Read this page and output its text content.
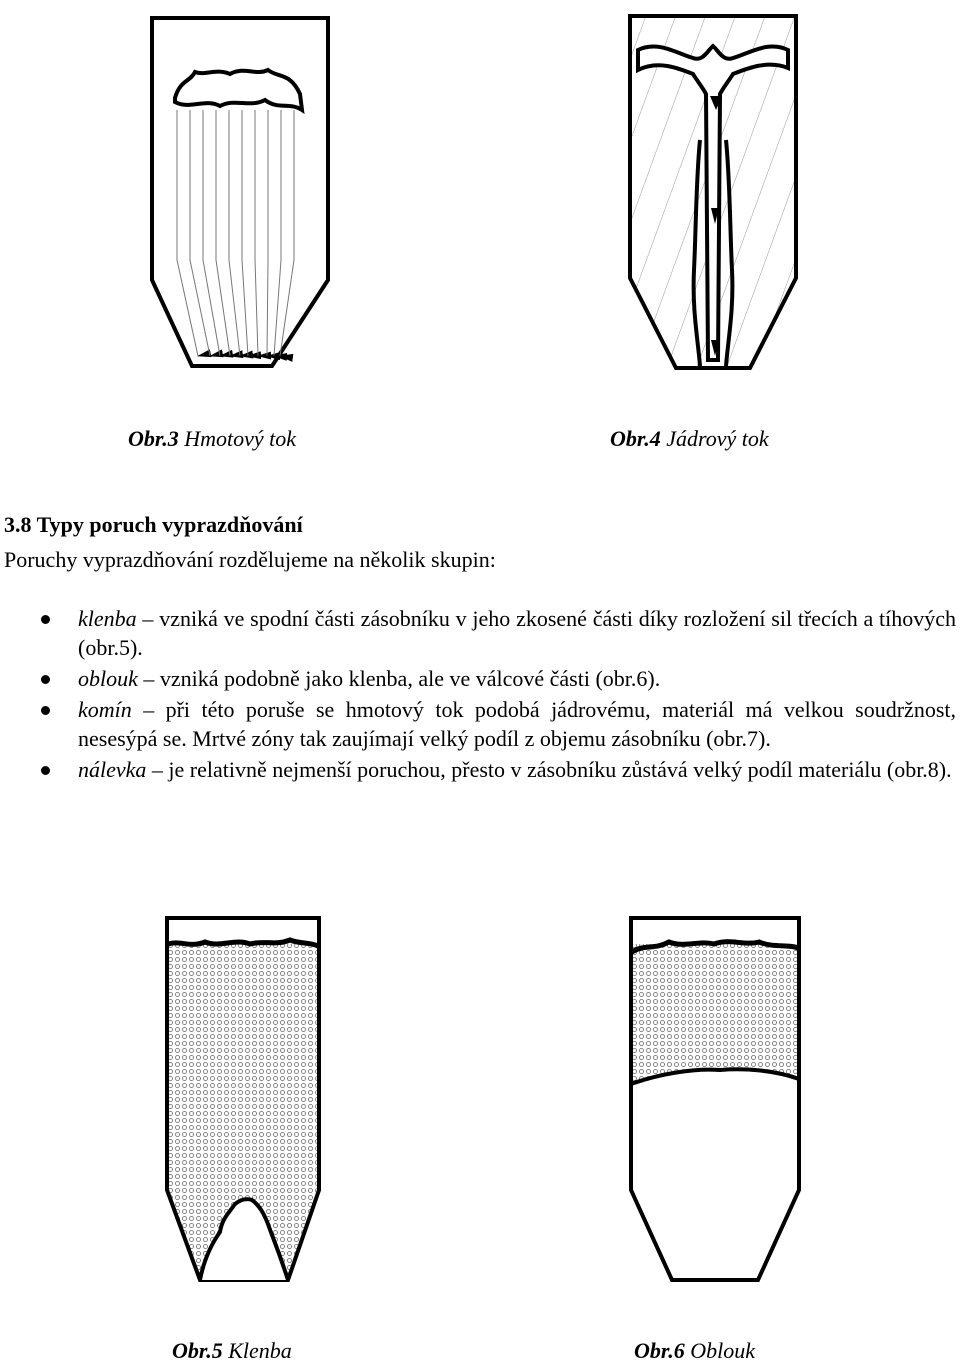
Obr.3 Hmotový tok	Obr.4 Jádrový tok
3.8 Typy poruch vyprazdňování
Poruchy vyprazdňování rozdělujeme na několik skupin:
klenba – vzniká ve spodní části zásobníku v jeho zkosené části díky rozložení sil třecích a tíhových (obr.5).
oblouk – vzniká podobně jako klenba, ale ve válcové části (obr.6).
komín – při této poruše se hmotový tok podobá jádrovému, materiál má velkou soudržnost, nesesýpá se. Mrtvé zóny tak zaujímají velký podíl z objemu zásobníku (obr.7).
nálevka – je relativně nejmenší poruchou, přesto v zásobníku zůstává velký podíl materiálu (obr.8).
Obr.5 Klenba	Obr.6 Oblouk
